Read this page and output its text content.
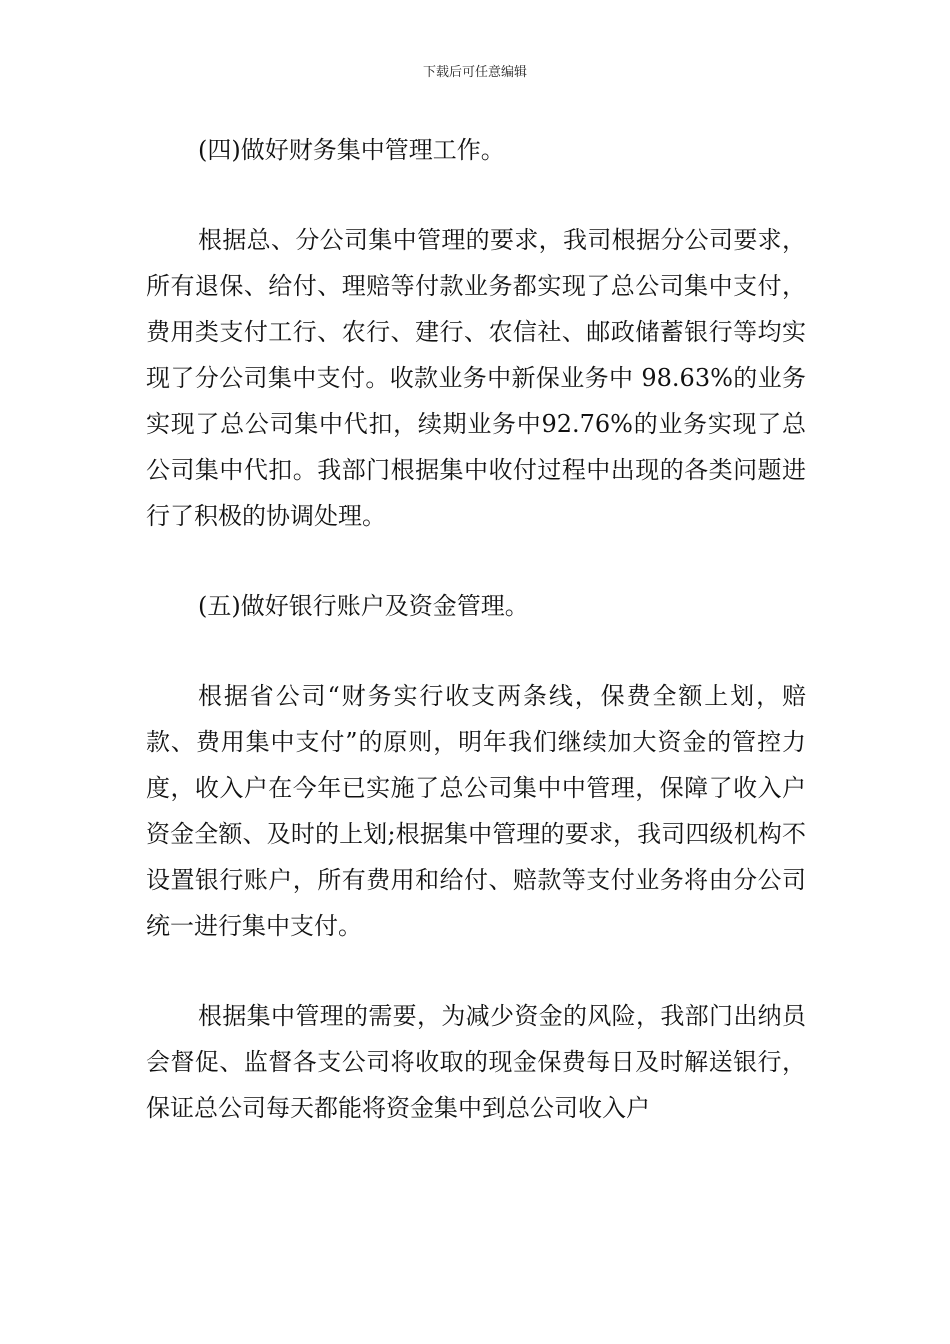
下载后可任意编辑

(四)做好财务集中管理工作。

根据总、分公司集中管理的要求，我司根据分公司要求，所有退保、给付、理赔等付款业务都实现了总公司集中支付，费用类支付工行、农行、建行、农信社、邮政储蓄银行等均实现了分公司集中支付。收款业务中新保业务中 98.63%的业务实现了总公司集中代扣，续期业务中92.76%的业务实现了总公司集中代扣。我部门根据集中收付过程中出现的各类问题进行了积极的协调处理。

(五)做好银行账户及资金管理。

根据省公司“财务实行收支两条线，保费全额上划，赔款、费用集中支付”的原则，明年我们继续加大资金的管控力度，收入户在今年已实施了总公司集中中管理，保障了收入户资金全额、及时的上划;根据集中管理的要求，我司四级机构不设置银行账户，所有费用和给付、赔款等支付业务将由分公司统一进行集中支付。

根据集中管理的需要，为减少资金的风险，我部门出纳员会督促、监督各支公司将收取的现金保费每日及时解送银行，保证总公司每天都能将资金集中到总公司收入户
